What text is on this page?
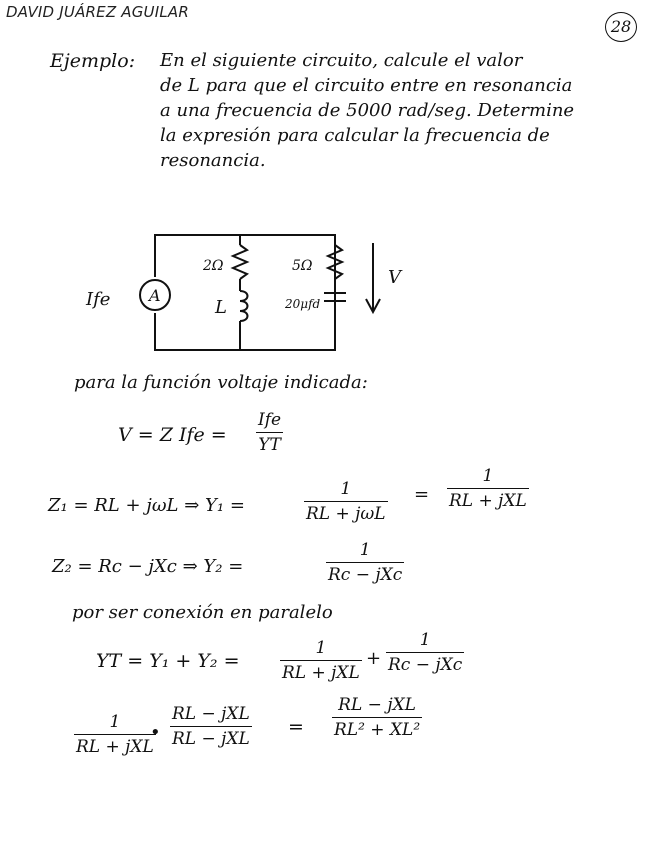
DAVID JUÁREZ AGUILAR
28
Ejemplo: En el siguiente circuito, calcule el valor
de L para que el circuito entre en resonancia
a una frecuencia de 5000 rad/seg. Determine
la expresión para calcular la frecuencia de
resonancia.
A
Ife
2Ω
L
5Ω
20μfd
V
para la función voltaje indicada:
V = Z Ife =
Ife
YT
Z₁ = RL + jωL ⇒ Y₁ =
1
RL + jωL
=
1
RL + jXL
Z₂ = Rc − jXc ⇒ Y₂ =
1
Rc − jXc
por ser conexión en paralelo
YT = Y₁ + Y₂ =
1
RL + jXL
+
1
Rc − jXc
1
RL + jXL
•
RL − jXL
RL − jXL
=
RL − jXL
RL² + XL²
